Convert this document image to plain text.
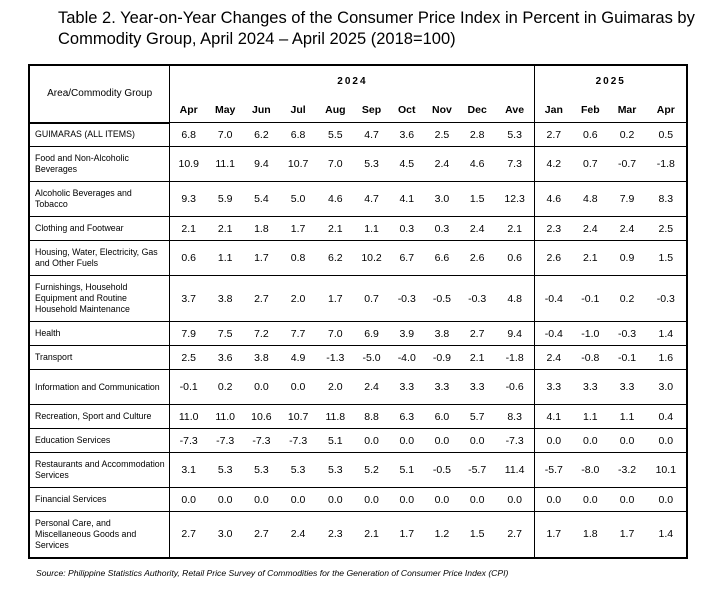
Table 2. Year-on-Year Changes of the Consumer Price Index in Percent in Guimaras by Commodity Group, April 2024 – April 2025 (2018=100)
Area/Commodity Group	2024										2025			
	Apr	May	Jun	Jul	Aug	Sep	Oct	Nov	Dec	Ave	Jan	Feb	Mar	Apr
GUIMARAS (ALL ITEMS)	6.8	7.0	6.2	6.8	5.5	4.7	3.6	2.5	2.8	5.3	2.7	0.6	0.2	0.5
Food and Non-Alcoholic Beverages	10.9	11.1	9.4	10.7	7.0	5.3	4.5	2.4	4.6	7.3	4.2	0.7	-0.7	-1.8
Alcoholic Beverages and Tobacco	9.3	5.9	5.4	5.0	4.6	4.7	4.1	3.0	1.5	12.3	4.6	4.8	7.9	8.3
Clothing and Footwear	2.1	2.1	1.8	1.7	2.1	1.1	0.3	0.3	2.4	2.1	2.3	2.4	2.4	2.5
Housing, Water, Electricity, Gas and Other Fuels	0.6	1.1	1.7	0.8	6.2	10.2	6.7	6.6	2.6	0.6	2.6	2.1	0.9	1.5
Furnishings, Household Equipment and Routine Household Maintenance	3.7	3.8	2.7	2.0	1.7	0.7	-0.3	-0.5	-0.3	4.8	-0.4	-0.1	0.2	-0.3
Health	7.9	7.5	7.2	7.7	7.0	6.9	3.9	3.8	2.7	9.4	-0.4	-1.0	-0.3	1.4
Transport	2.5	3.6	3.8	4.9	-1.3	-5.0	-4.0	-0.9	2.1	-1.8	2.4	-0.8	-0.1	1.6
Information and Communication	-0.1	0.2	0.0	0.0	2.0	2.4	3.3	3.3	3.3	-0.6	3.3	3.3	3.3	3.0
Recreation, Sport and Culture	11.0	11.0	10.6	10.7	11.8	8.8	6.3	6.0	5.7	8.3	4.1	1.1	1.1	0.4
Education Services	-7.3	-7.3	-7.3	-7.3	5.1	0.0	0.0	0.0	0.0	-7.3	0.0	0.0	0.0	0.0
Restaurants and Accommodation Services	3.1	5.3	5.3	5.3	5.3	5.2	5.1	-0.5	-5.7	11.4	-5.7	-8.0	-3.2	10.1
Financial Services	0.0	0.0	0.0	0.0	0.0	0.0	0.0	0.0	0.0	0.0	0.0	0.0	0.0	0.0
Personal Care, and Miscellaneous Goods and Services	2.7	3.0	2.7	2.4	2.3	2.1	1.7	1.2	1.5	2.7	1.7	1.8	1.7	1.4
Source: Philippine Statistics Authority, Retail Price Survey of Commodities for the Generation of Consumer Price Index (CPI)
